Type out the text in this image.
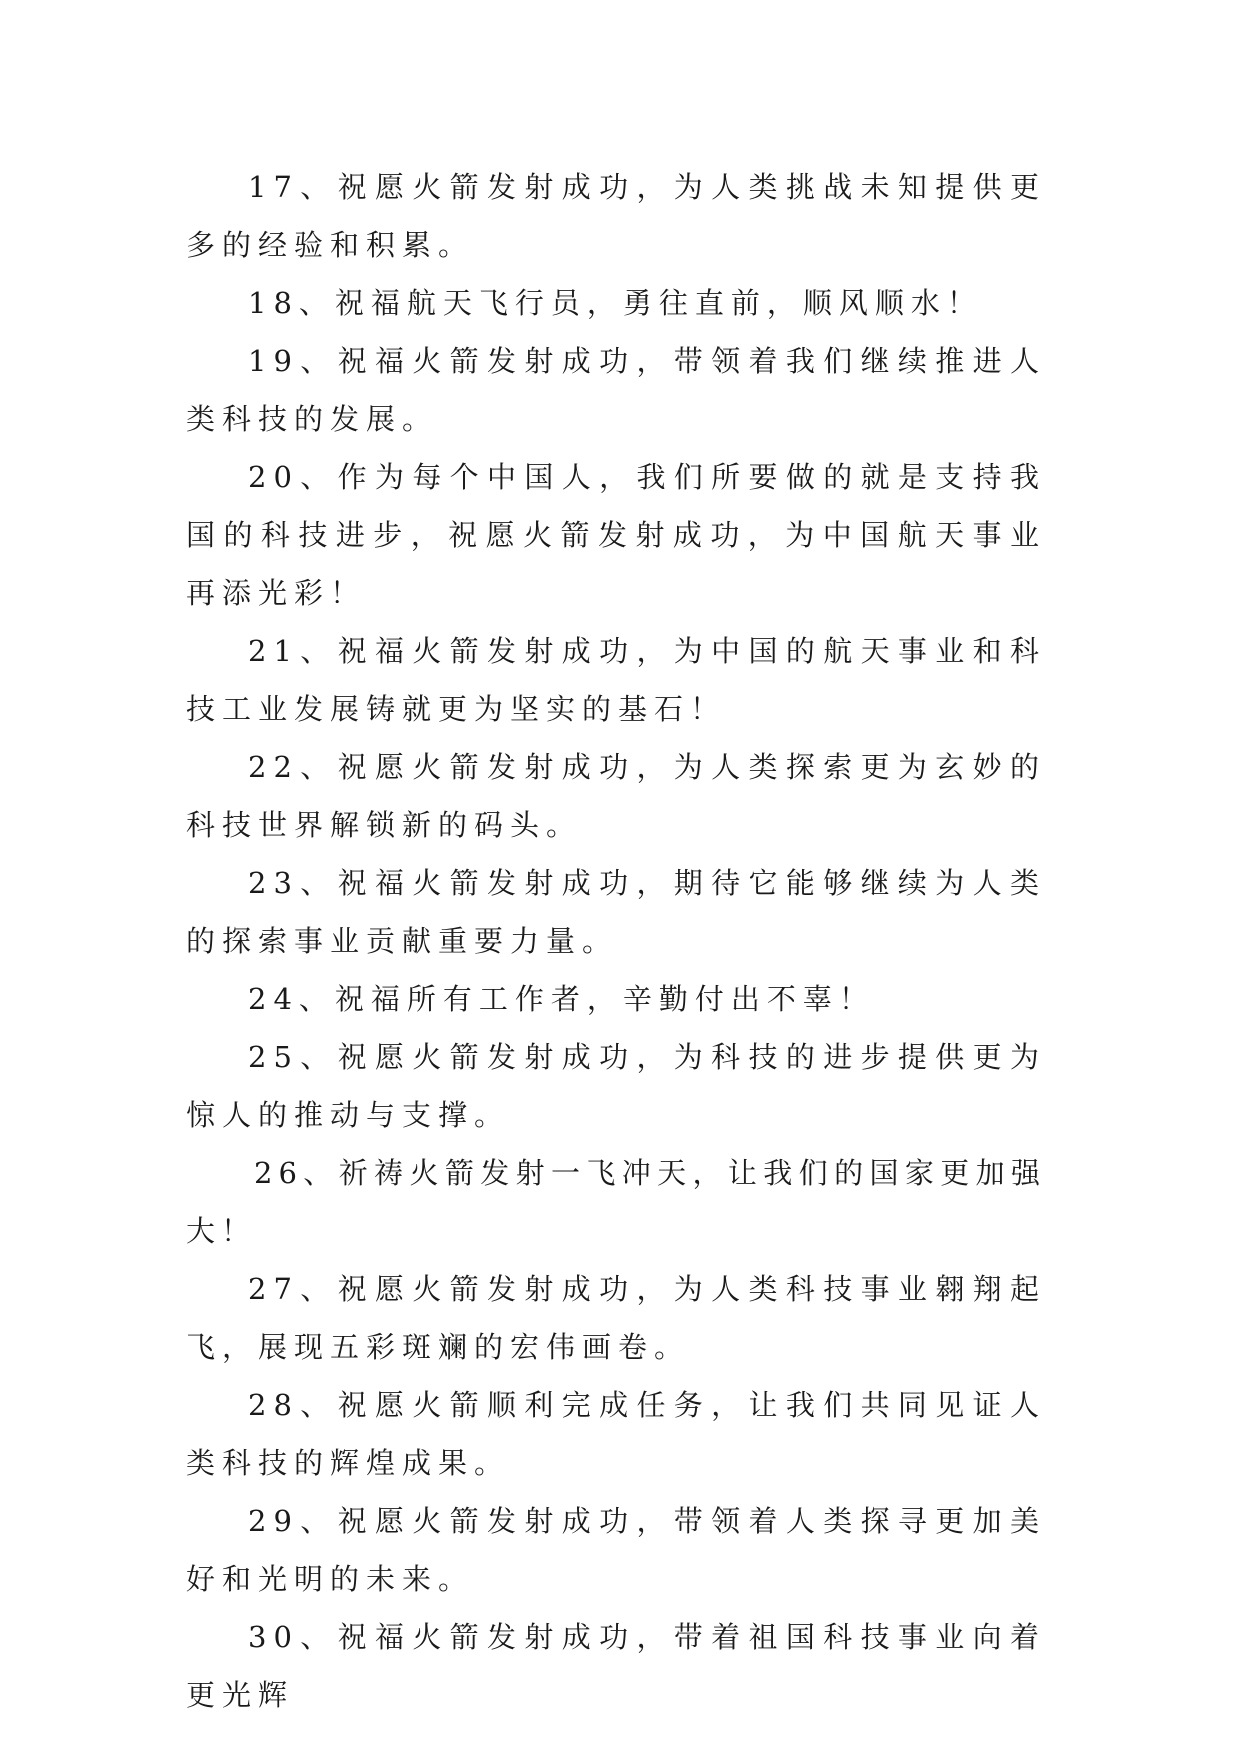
17、祝愿火箭发射成功，为人类挑战未知提供更多的经验和积累。

18、祝福航天飞行员，勇往直前，顺风顺水！

19、祝福火箭发射成功，带领着我们继续推进人类科技的发展。

20、作为每个中国人，我们所要做的就是支持我国的科技进步，祝愿火箭发射成功，为中国航天事业再添光彩！

21、祝福火箭发射成功，为中国的航天事业和科技工业发展铸就更为坚实的基石！

22、祝愿火箭发射成功，为人类探索更为玄妙的科技世界解锁新的码头。

23、祝福火箭发射成功，期待它能够继续为人类的探索事业贡献重要力量。

24、祝福所有工作者，辛勤付出不辜！

25、祝愿火箭发射成功，为科技的进步提供更为惊人的推动与支撑。

26、祈祷火箭发射一飞冲天，让我们的国家更加强大！

27、祝愿火箭发射成功，为人类科技事业翱翔起飞，展现五彩斑斓的宏伟画卷。

28、祝愿火箭顺利完成任务，让我们共同见证人类科技的辉煌成果。

29、祝愿火箭发射成功，带领着人类探寻更加美好和光明的未来。

30、祝福火箭发射成功，带着祖国科技事业向着更光辉
